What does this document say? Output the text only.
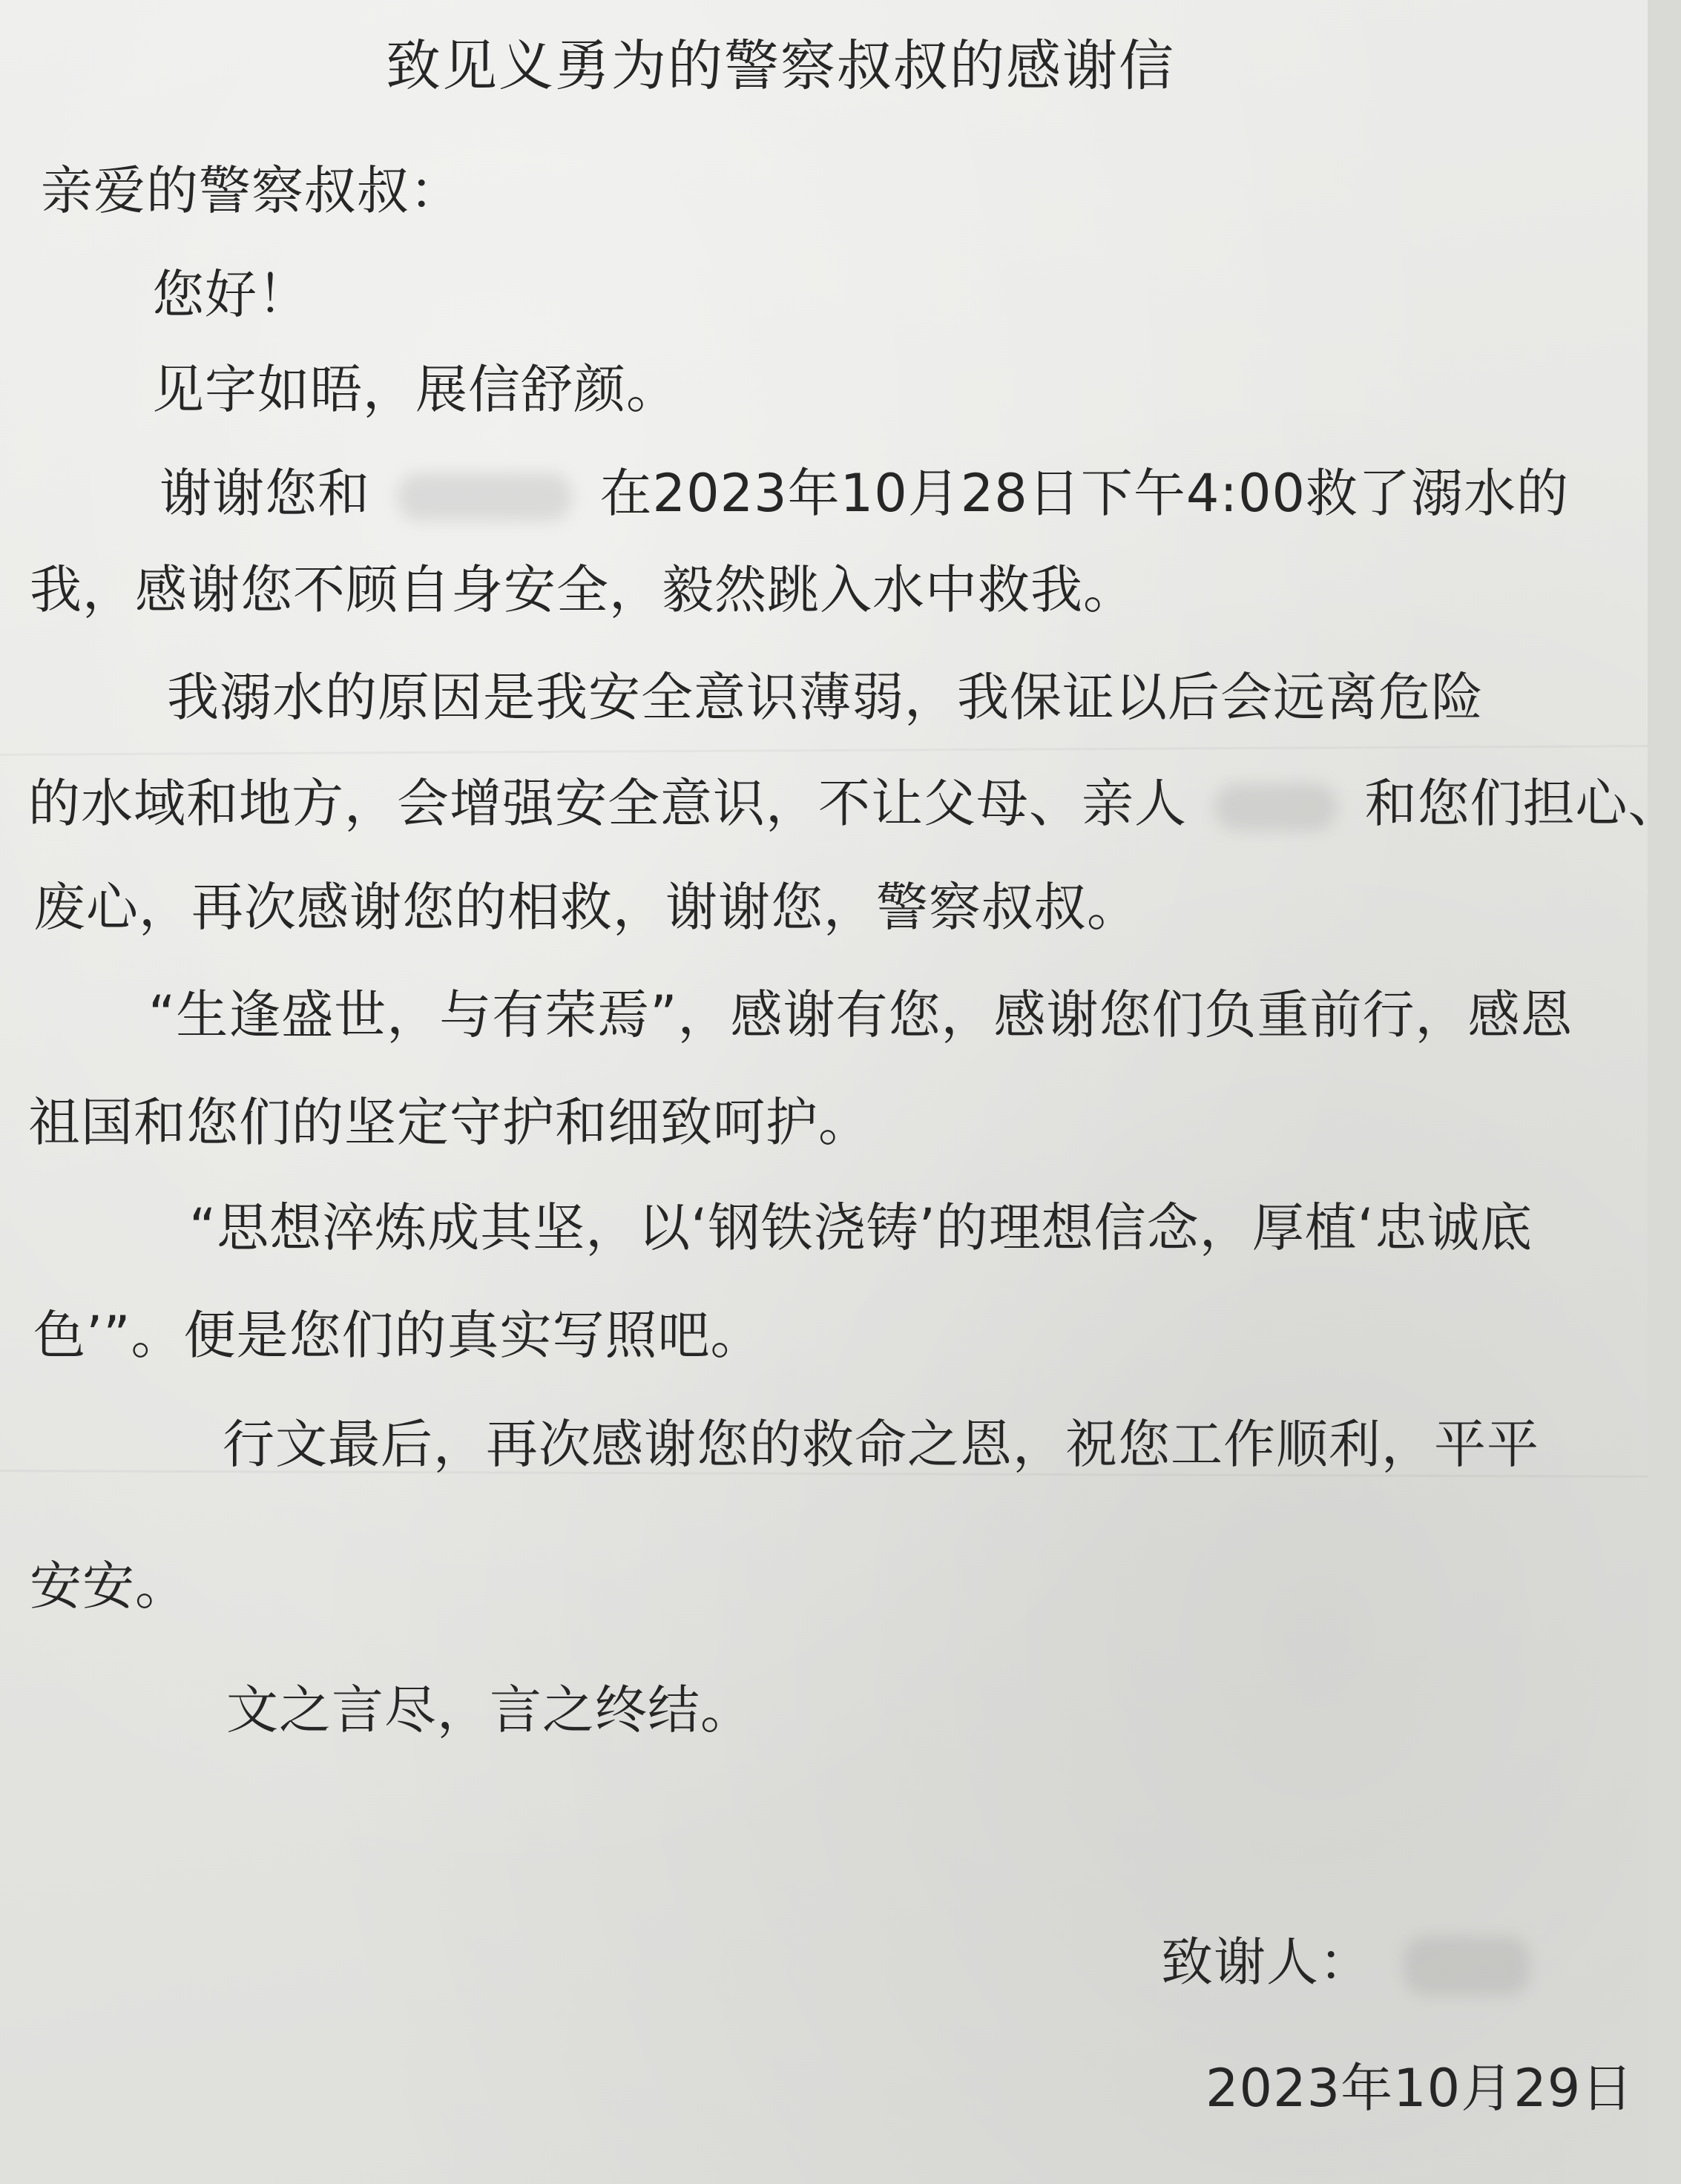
致见义勇为的警察叔叔的感谢信
亲爱的警察叔叔：
您好！
见字如晤，展信舒颜。
谢谢您和	在2023年10月28日下午4:00救了溺水的
我，感谢您不顾自身安全，毅然跳入水中救我。
我溺水的原因是我安全意识薄弱，我保证以后会远离危险
的水域和地方，会增强安全意识，不让父母、亲人	和您们担心、
废心，再次感谢您的相救，谢谢您，警察叔叔。
“生逢盛世，与有荣焉”，感谢有您，感谢您们负重前行，感恩
祖国和您们的坚定守护和细致呵护。
“思想淬炼成其坚，以‘钢铁浇铸’的理想信念，厚植‘忠诚底
色’”。便是您们的真实写照吧。
行文最后，再次感谢您的救命之恩，祝您工作顺利，平平
安安。
文之言尽，言之终结。
致谢人：
2023年10月29日
